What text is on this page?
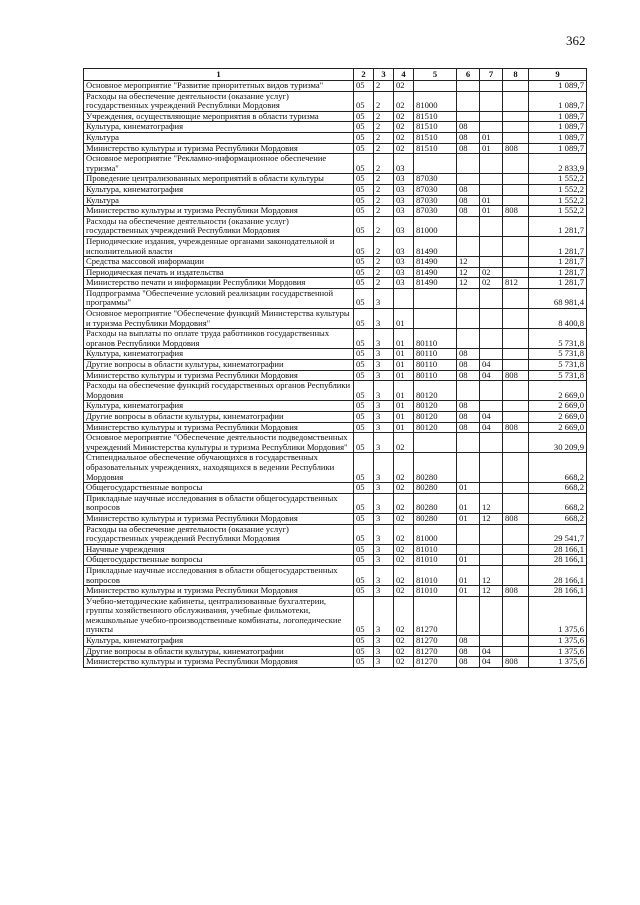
362
1	2	3	4	5	6	7	8	9
Основное мероприятие "Развитие приоритетных видов туризма"	05	2	02					1 089,7
Расходы на обеспечение деятельности (оказание услуг) государственных учреждений Республики Мордовия	05	2	02	81000				1 089,7
Учреждения, осуществляющие мероприятия в области туризма	05	2	02	81510				1 089,7
Культура, кинематография	05	2	02	81510	08			1 089,7
Культура	05	2	02	81510	08	01		1 089,7
Министерство культуры и туризма Республики Мордовия	05	2	02	81510	08	01	808	1 089,7
Основное мероприятие "Рекламно-информационное обеспечение туризма"	05	2	03					2 833,9
Проведение централизованных мероприятий в области культуры	05	2	03	87030				1 552,2
Культура, кинематография	05	2	03	87030	08			1 552,2
Культура	05	2	03	87030	08	01		1 552,2
Министерство культуры и туризма Республики Мордовия	05	2	03	87030	08	01	808	1 552,2
Расходы на обеспечение деятельности (оказание услуг) государственных учреждений Республики Мордовия	05	2	03	81000				1 281,7
Периодические издания, учрежденные органами законодательной и исполнительной власти	05	2	03	81490				1 281,7
Средства массовой информации	05	2	03	81490	12			1 281,7
Периодическая печать и издательства	05	2	03	81490	12	02		1 281,7
Министерство печати и информации Республики Мордовия	05	2	03	81490	12	02	812	1 281,7
Подпрограмма "Обеспечение условий реализации государственной программы"	05	3						68 981,4
Основное мероприятие "Обеспечение функций Министерства культуры и туризма Республики Мордовия"	05	3	01					8 400,8
Расходы на выплаты по оплате труда работников государственных органов Республики Мордовия	05	3	01	80110				5 731,8
Культура, кинематография	05	3	01	80110	08			5 731,8
Другие вопросы в области культуры, кинематографии	05	3	01	80110	08	04		5 731,8
Министерство культуры и туризма Республики Мордовия	05	3	01	80110	08	04	808	5 731,8
Расходы на обеспечение функций государственных органов Республики Мордовия	05	3	01	80120				2 669,0
Культура, кинематография	05	3	01	80120	08			2 669,0
Другие вопросы в области культуры, кинематографии	05	3	01	80120	08	04		2 669,0
Министерство культуры и туризма Республики Мордовия	05	3	01	80120	08	04	808	2 669,0
Основное мероприятие "Обеспечение деятельности подведомственных учреждений Министерства культуры и туризма Республики Мордовия"	05	3	02					30 209,9
Стипендиальное обеспечение обучающихся в государственных образовательных учреждениях, находящихся в ведении Республики Мордовия	05	3	02	80280				668,2
Общегосударственные вопросы	05	3	02	80280	01			668,2
Прикладные научные исследования в области общегосударственных вопросов	05	3	02	80280	01	12		668,2
Министерство культуры и туризма Республики Мордовия	05	3	02	80280	01	12	808	668,2
Расходы на обеспечение деятельности (оказание услуг) государственных учреждений Республики Мордовия	05	3	02	81000				29 541,7
Научные учреждения	05	3	02	81010				28 166,1
Общегосударственные вопросы	05	3	02	81010	01			28 166,1
Прикладные научные исследования в области общегосударственных вопросов	05	3	02	81010	01	12		28 166,1
Министерство культуры и туризма Республики Мордовия	05	3	02	81010	01	12	808	28 166,1
Учебно-методические кабинеты, централизованные бухгалтерии, группы хозяйственного обслуживания, учебные фильмотеки, межшкольные учебно-производственные комбинаты, логопедические пункты	05	3	02	81270				1 375,6
Культура, кинематография	05	3	02	81270	08			1 375,6
Другие вопросы в области культуры, кинематографии	05	3	02	81270	08	04		1 375,6
Министерство культуры и туризма Республики Мордовия	05	3	02	81270	08	04	808	1 375,6
